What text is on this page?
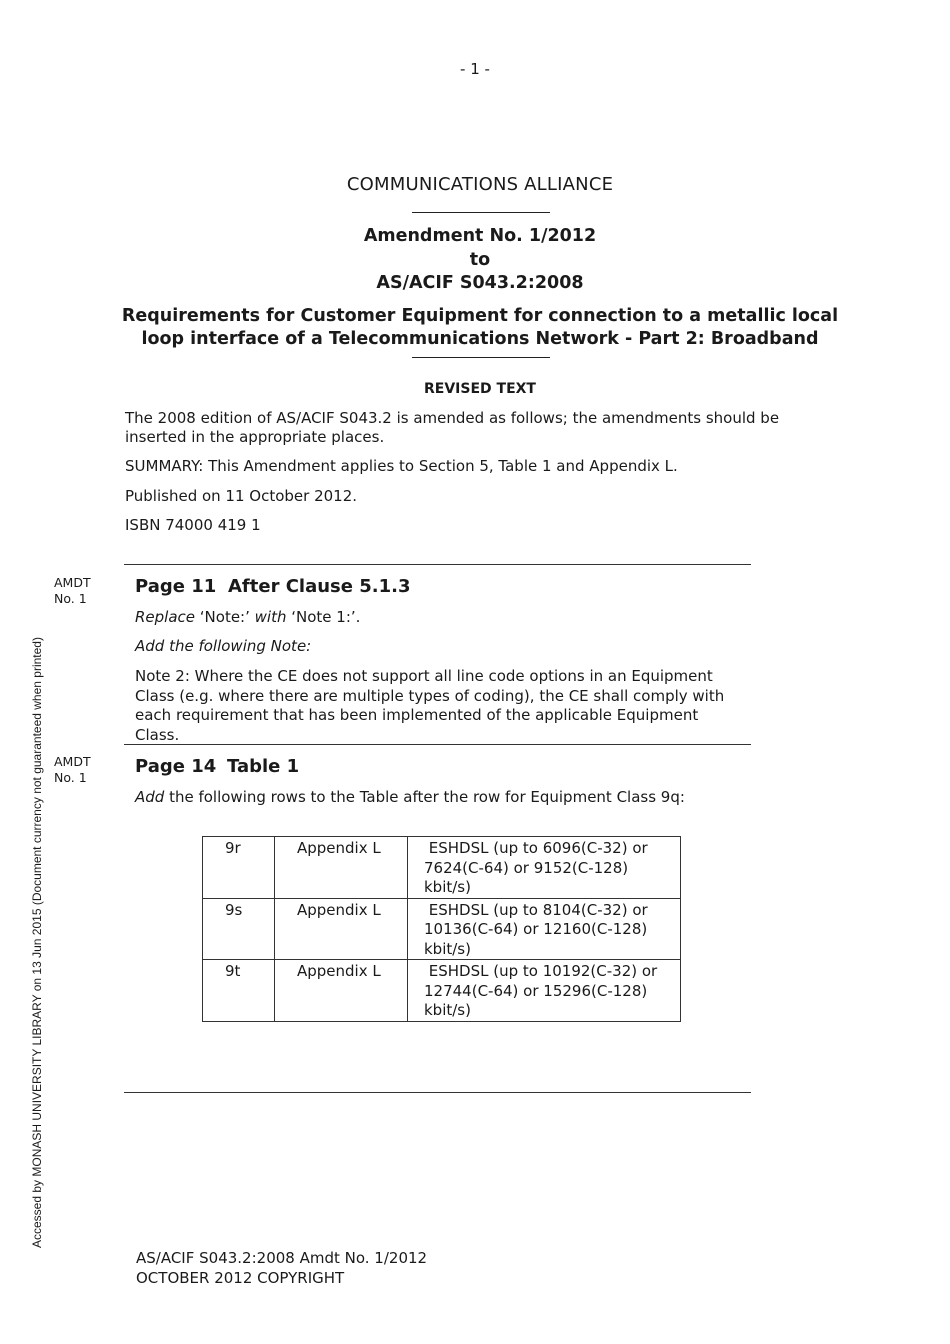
- 1 -
COMMUNICATIONS ALLIANCE
Amendment No. 1/2012
to
AS/ACIF S043.2:2008
Requirements for Customer Equipment for connection to a metallic local
loop interface of a Telecommunications Network - Part 2: Broadband
REVISED TEXT
The 2008 edition of AS/ACIF S043.2 is amended as follows; the amendments should be
inserted in the appropriate places.
SUMMARY: This Amendment applies to Section 5, Table 1 and Appendix L.
Published on 11 October 2012.
ISBN 74000 419 1
AMDT
No. 1
Page 11 After Clause 5.1.3
Replace ‘Note:’ with ‘Note 1:’.
Add the following Note:
Note 2: Where the CE does not support all line code options in an Equipment
Class (e.g. where there are multiple types of coding), the CE shall comply with
each requirement that has been implemented of the applicable Equipment
Class.
AMDT
No. 1
Page 14 Table 1
Add the following rows to the Table after the row for Equipment Class 9q:
9r	Appendix L	ESHDSL (up to 6096(C-32) or
7624(C-64) or 9152(C-128)
kbit/s)

9s	Appendix L	ESHDSL (up to 8104(C-32) or
10136(C-64) or 12160(C-128)
kbit/s)

9t	Appendix L	ESHDSL (up to 10192(C-32) or
12744(C-64) or 15296(C-128)
kbit/s)
Accessed by MONASH UNIVERSITY LIBRARY on 13 Jun 2015 (Document currency not guaranteed when printed)
AS/ACIF S043.2:2008 Amdt No. 1/2012
OCTOBER 2012 COPYRIGHT
